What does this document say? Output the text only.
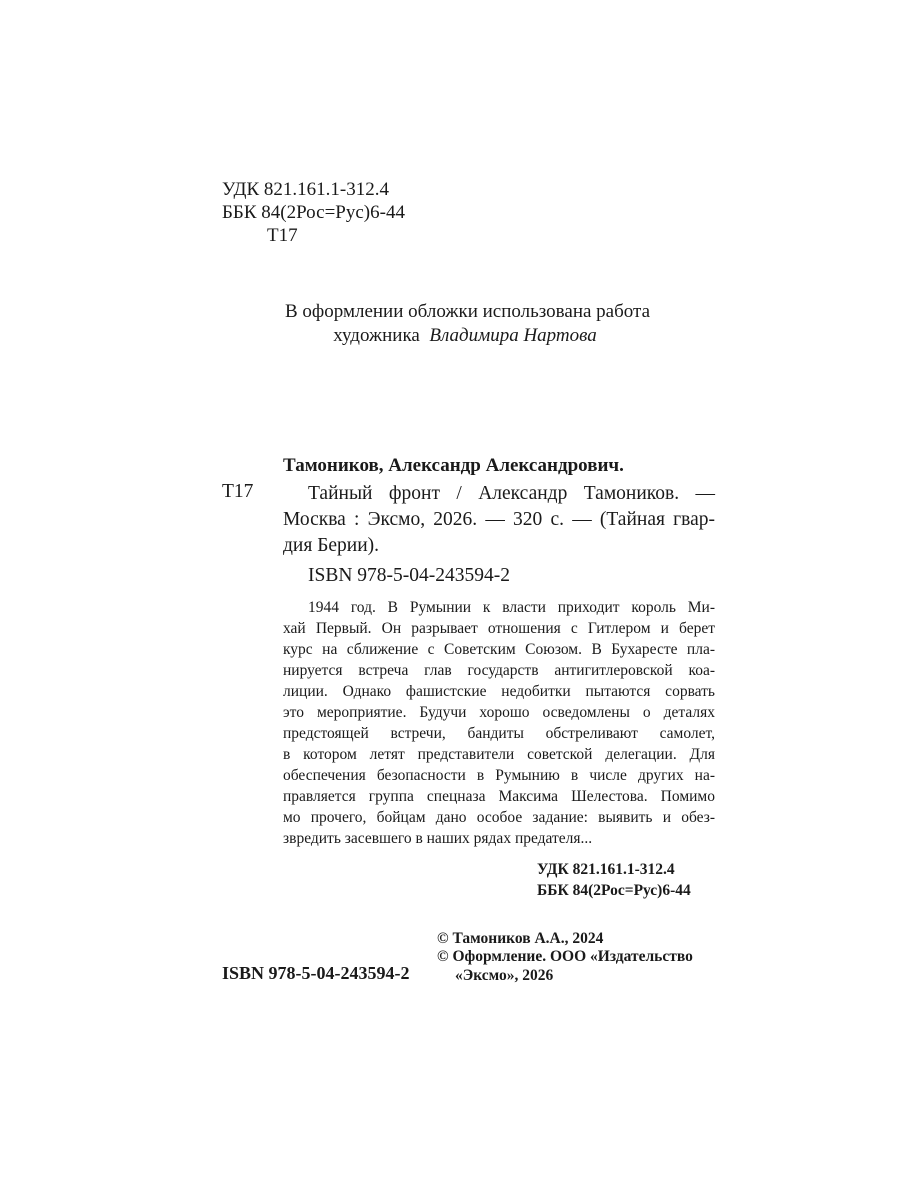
УДК 821.161.1-312.4
ББК 84(2Рос=Рус)6-44
Т17
В оформлении обложки использована работа
художника Владимира Нартова
Тамоников, Александр Александрович.
Т17	Тайный фронт / Александр Тамоников. —
Москва : Эксмо, 2026. — 320 с. — (Тайная гвар-
дия Берии).
ISBN 978-5-04-243594-2
1944 год. В Румынии к власти приходит король Ми-
хай Первый. Он разрывает отношения с Гитлером и берет
курс на сближение с Советским Союзом. В Бухаресте пла-
нируется встреча глав государств антигитлеровской коа-
лиции. Однако фашистские недобитки пытаются сорвать
это мероприятие. Будучи хорошо осведомлены о деталях
предстоящей встречи, бандиты обстреливают самолет,
в котором летят представители советской делегации. Для
обеспечения безопасности в Румынию в числе других на-
правляется группа спецназа Максима Шелестова. Помимо
мо прочего, бойцам дано особое задание: выявить и обез-
звредить засевшего в наших рядах предателя...
УДК 821.161.1-312.4
ББК 84(2Рос=Рус)6-44
© Тамоников А.А., 2024
© Оформление. ООО «Издательство
«Эксмо», 2026
ISBN 978-5-04-243594-2
